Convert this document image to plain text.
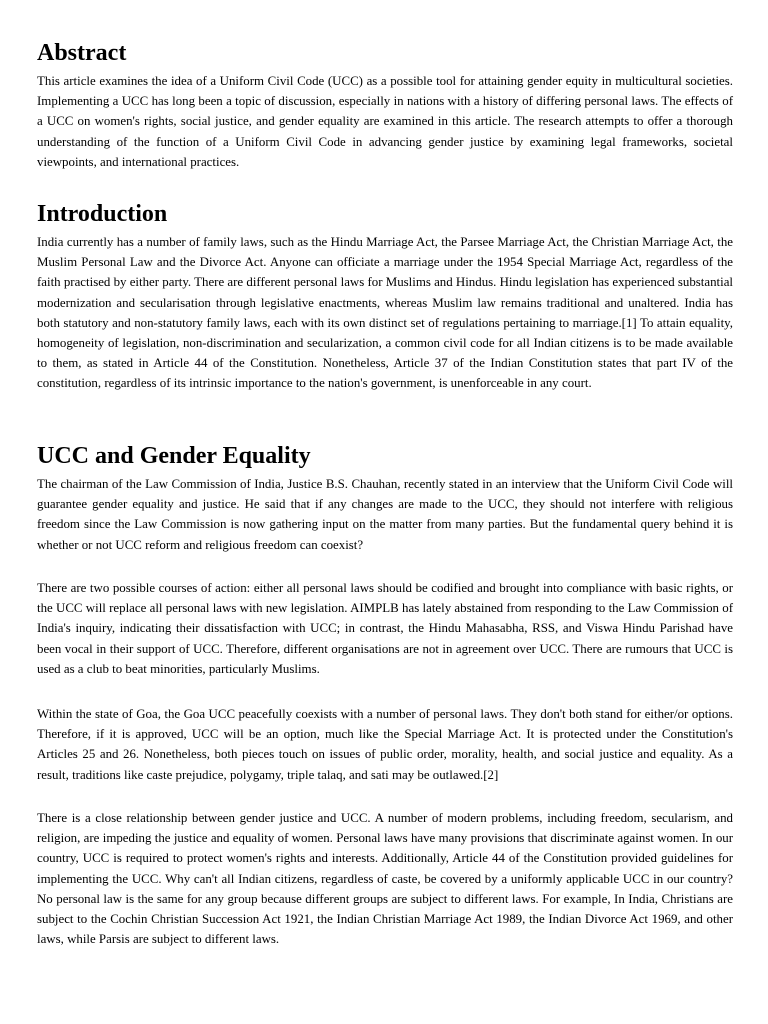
Abstract

This article examines the idea of a Uniform Civil Code (UCC) as a possible tool for attaining gender equity in multicultural societies. Implementing a UCC has long been a topic of discussion, especially in nations with a history of differing personal laws. The effects of a UCC on women's rights, social justice, and gender equality are examined in this article. The research attempts to offer a thorough understanding of the function of a Uniform Civil Code in advancing gender justice by examining legal frameworks, societal viewpoints, and international practices.

Introduction

India currently has a number of family laws, such as the Hindu Marriage Act, the Parsee Marriage Act, the Christian Marriage Act, the Muslim Personal Law and the Divorce Act. Anyone can officiate a marriage under the 1954 Special Marriage Act, regardless of the faith practised by either party. There are different personal laws for Muslims and Hindus. Hindu legislation has experienced substantial modernization and secularisation through legislative enactments, whereas Muslim law remains traditional and unaltered. India has both statutory and non-statutory family laws, each with its own distinct set of regulations pertaining to marriage.[1] To attain equality, homogeneity of legislation, non-discrimination and secularization, a common civil code for all Indian citizens is to be made available to them, as stated in Article 44 of the Constitution. Nonetheless, Article 37 of the Indian Constitution states that part IV of the constitution, regardless of its intrinsic importance to the nation's government, is unenforceable in any court.

UCC and Gender Equality

The chairman of the Law Commission of India, Justice B.S. Chauhan, recently stated in an interview that the Uniform Civil Code will guarantee gender equality and justice. He said that if any changes are made to the UCC, they should not interfere with religious freedom since the Law Commission is now gathering input on the matter from many parties. But the fundamental query behind it is whether or not UCC reform and religious freedom can coexist?

There are two possible courses of action: either all personal laws should be codified and brought into compliance with basic rights, or the UCC will replace all personal laws with new legislation. AIMPLB has lately abstained from responding to the Law Commission of India's inquiry, indicating their dissatisfaction with UCC; in contrast, the Hindu Mahasabha, RSS, and Viswa Hindu Parishad have been vocal in their support of UCC. Therefore, different organisations are not in agreement over UCC. There are rumours that UCC is used as a club to beat minorities, particularly Muslims.

Within the state of Goa, the Goa UCC peacefully coexists with a number of personal laws. They don't both stand for either/or options. Therefore, if it is approved, UCC will be an option, much like the Special Marriage Act. It is protected under the Constitution's Articles 25 and 26. Nonetheless, both pieces touch on issues of public order, morality, health, and social justice and equality. As a result, traditions like caste prejudice, polygamy, triple talaq, and sati may be outlawed.[2]

There is a close relationship between gender justice and UCC. A number of modern problems, including freedom, secularism, and religion, are impeding the justice and equality of women. Personal laws have many provisions that discriminate against women. In our country, UCC is required to protect women's rights and interests. Additionally, Article 44 of the Constitution provided guidelines for implementing the UCC. Why can't all Indian citizens, regardless of caste, be covered by a uniformly applicable UCC in our country? No personal law is the same for any group because different groups are subject to different laws. For example, In India, Christians are subject to the Cochin Christian Succession Act 1921, the Indian Christian Marriage Act 1989, the Indian Divorce Act 1969, and other laws, while Parsis are subject to different laws.
